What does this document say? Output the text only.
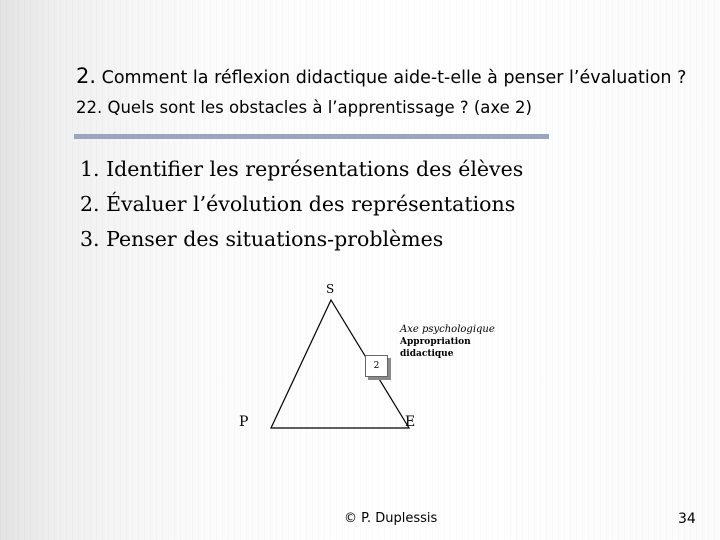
2. Comment la réflexion didactique aide-t-elle à penser l’évaluation ?
22. Quels sont les obstacles à l’apprentissage ? (axe 2)
1. Identifier les représentations des élèves
2. Évaluer l’évolution des représentations
3. Penser des situations-problèmes
S
P	E
2
Axe psychologique
Appropriation
didactique
© P. Duplessis	34
